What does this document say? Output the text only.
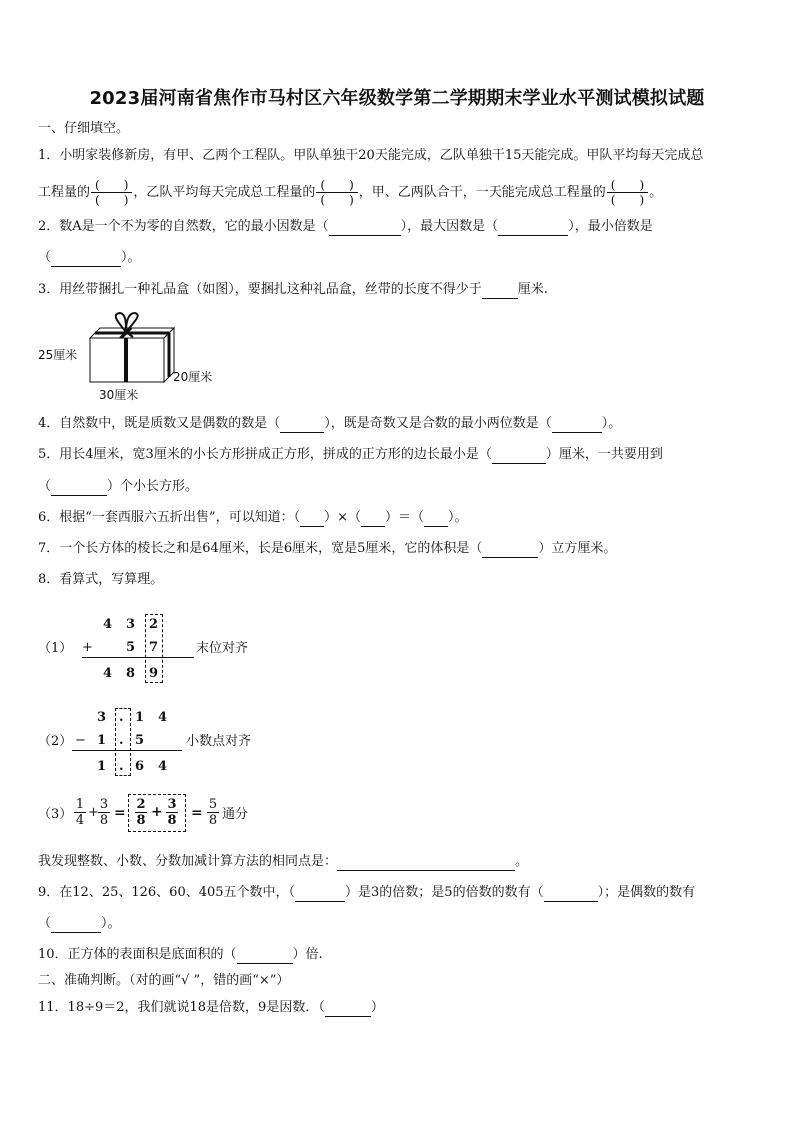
2023届河南省焦作市马村区六年级数学第二学期期末学业水平测试模拟试题
一、仔细填空。
1．小明家装修新房，有甲、乙两个工程队。甲队单独干20天能完成，乙队单独干15天能完成。甲队平均每天完成总
工程量的 $\frac{( )}{( )}$ ，乙队平均每天完成总工程量的 $\frac{( )}{( )}$ ，甲、乙两队合干，一天能完成总工程量的 $\frac{( )}{( )}$ 。
2．数A是一个不为零的自然数，它的最小因数是（	），最大因数是（	），最小倍数是
（	）。
3．用丝带捆扎一种礼品盒（如图），要捆扎这种礼品盒，丝带的长度不得少于	厘米.
25厘米
20厘米
30厘米
4．自然数中，既是质数又是偶数的数是（	），既是奇数又是合数的最小两位数是（	）。
5．用长4厘米，宽3厘米的小长方形拼成正方形，拼成的正方形的边长最小是（	）厘米，一共要用到
（	）个小长方形。
6．根据“一套西服六五折出售”，可以知道：（ ）×（ ）＝（ ）。
7．一个长方体的棱长之和是64厘米，长是6厘米，宽是5厘米，它的体积是（	）立方厘米。
8．看算式，写算理。
（1）
4 3 2
+	5 7
4 8 9
末位对齐
（2）
3 . 1 4
− 1 . 5
1 . 6 4
小数点对齐
$(3) \frac{1}{4} + \frac{3}{8} = \frac{2}{8} + \frac{3}{8} = \frac{5}{8}$ 通分
我发现整数、小数、分数加减计算方法的相同点是：	。
9．在12、25、126、60、405五个数中，（	）是3的倍数；是5的倍数的数有（	）；是偶数的数有
（	）。
10．正方体的表面积是底面积的（	）倍.
二、准确判断。（对的画“√ ”，错的画“×”）
11．18÷9＝2，我们就说18是倍数，9是因数．（	）
